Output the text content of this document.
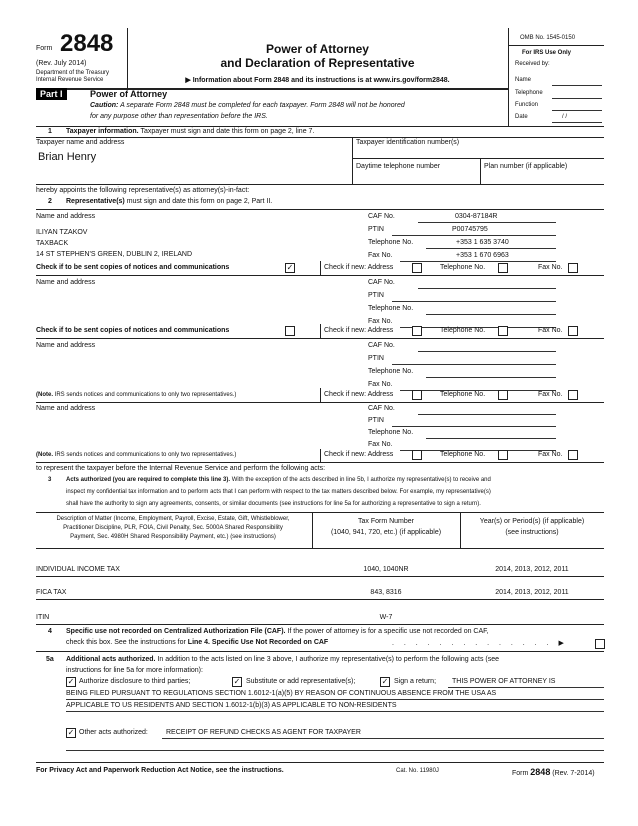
Form 2848
(Rev. July 2014)
Department of the Treasury
Internal Revenue Service
Power of Attorney
and Declaration of Representative
▶ Information about Form 2848 and its instructions is at www.irs.gov/form2848.
OMB No. 1545-0150
For IRS Use Only
Received by:
Name
Telephone
Function
Date	/ /
Part I	Power of Attorney
Caution: A separate Form 2848 must be completed for each taxpayer. Form 2848 will not be honored
for any purpose other than representation before the IRS.
1 Taxpayer information. Taxpayer must sign and date this form on page 2, line 7.
Taxpayer name and address
Brian Henry
Taxpayer identification number(s)
Daytime telephone number	Plan number (if applicable)
hereby appoints the following representative(s) as attorney(s)-in-fact:
2 Representative(s) must sign and date this form on page 2, Part II.
Name and address
ILIYAN TZAKOV
TAXBACK
14 ST STEPHEN'S GREEN, DUBLIN 2, IRELAND
CAF No.	0304-87184R
PTIN	P00745795
Telephone No.	+353 1 635 3740
Fax No.	+353 1 670 6963
Check if to be sent copies of notices and communications	✓	Check if new: Address	Telephone No.	Fax No.
Name and address	CAF No.
PTIN
Telephone No.
Fax No.
Check if to be sent copies of notices and communications	Check if new: Address	Telephone No.	Fax No.
Name and address	CAF No.
PTIN
Telephone No.
Fax No.
(Note. IRS sends notices and communications to only two representatives.)	Check if new: Address	Telephone No.	Fax No.
Name and address	CAF No.
PTIN
Telephone No.
Fax No.
(Note. IRS sends notices and communications to only two representatives.)	Check if new: Address	Telephone No.	Fax No.
to represent the taxpayer before the Internal Revenue Service and perform the following acts:
3 Acts authorized (you are required to complete this line 3). With the exception of the acts described in line 5b, I authorize my representative(s) to receive and
inspect my confidential tax information and to perform acts that I can perform with respect to the tax matters described below. For example, my representative(s)
shall have the authority to sign any agreements, consents, or similar documents (see instructions for line 5a for authorizing a representative to sign a return).
Description of Matter (Income, Employment, Payroll, Excise, Estate, Gift, Whistleblower,
Practitioner Discipline, PLR, FOIA, Civil Penalty, Sec. 5000A Shared Responsibility
Payment, Sec. 4980H Shared Responsibility Payment, etc.) (see instructions)
Tax Form Number
(1040, 941, 720, etc.) (if applicable)
Year(s) or Period(s) (if applicable)
(see instructions)
INDIVIDUAL INCOME TAX	1040, 1040NR	2014, 2013, 2012, 2011
FICA TAX	843, 8316	2014, 2013, 2012, 2011
ITIN	W-7
4 Specific use not recorded on Centralized Authorization File (CAF). If the power of attorney is for a specific use not recorded on CAF,
check this box. See the instructions for Line 4. Specific Use Not Recorded on CAF	. . . . . . . . . . . . . . ▶
5a Additional acts authorized. In addition to the acts listed on line 3 above, I authorize my representative(s) to perform the following acts (see
instructions for line 5a for more information):
✓ Authorize disclosure to third parties;	✓ Substitute or add representative(s);	✓ Sign a return; THIS POWER OF ATTORNEY IS
BEING FILED PURSUANT TO REGULATIONS SECTION 1.6012-1(a)(5) BY REASON OF CONTINUOUS ABSENCE FROM THE USA AS
APPLICABLE TO US RESIDENTS AND SECTION 1.6012-1(b)(3) AS APPLICABLE TO NON-RESIDENTS
✓ Other acts authorized:	RECEIPT OF REFUND CHECKS AS AGENT FOR TAXPAYER
For Privacy Act and Paperwork Reduction Act Notice, see the instructions.	Cat. No. 11980J	Form 2848 (Rev. 7-2014)
